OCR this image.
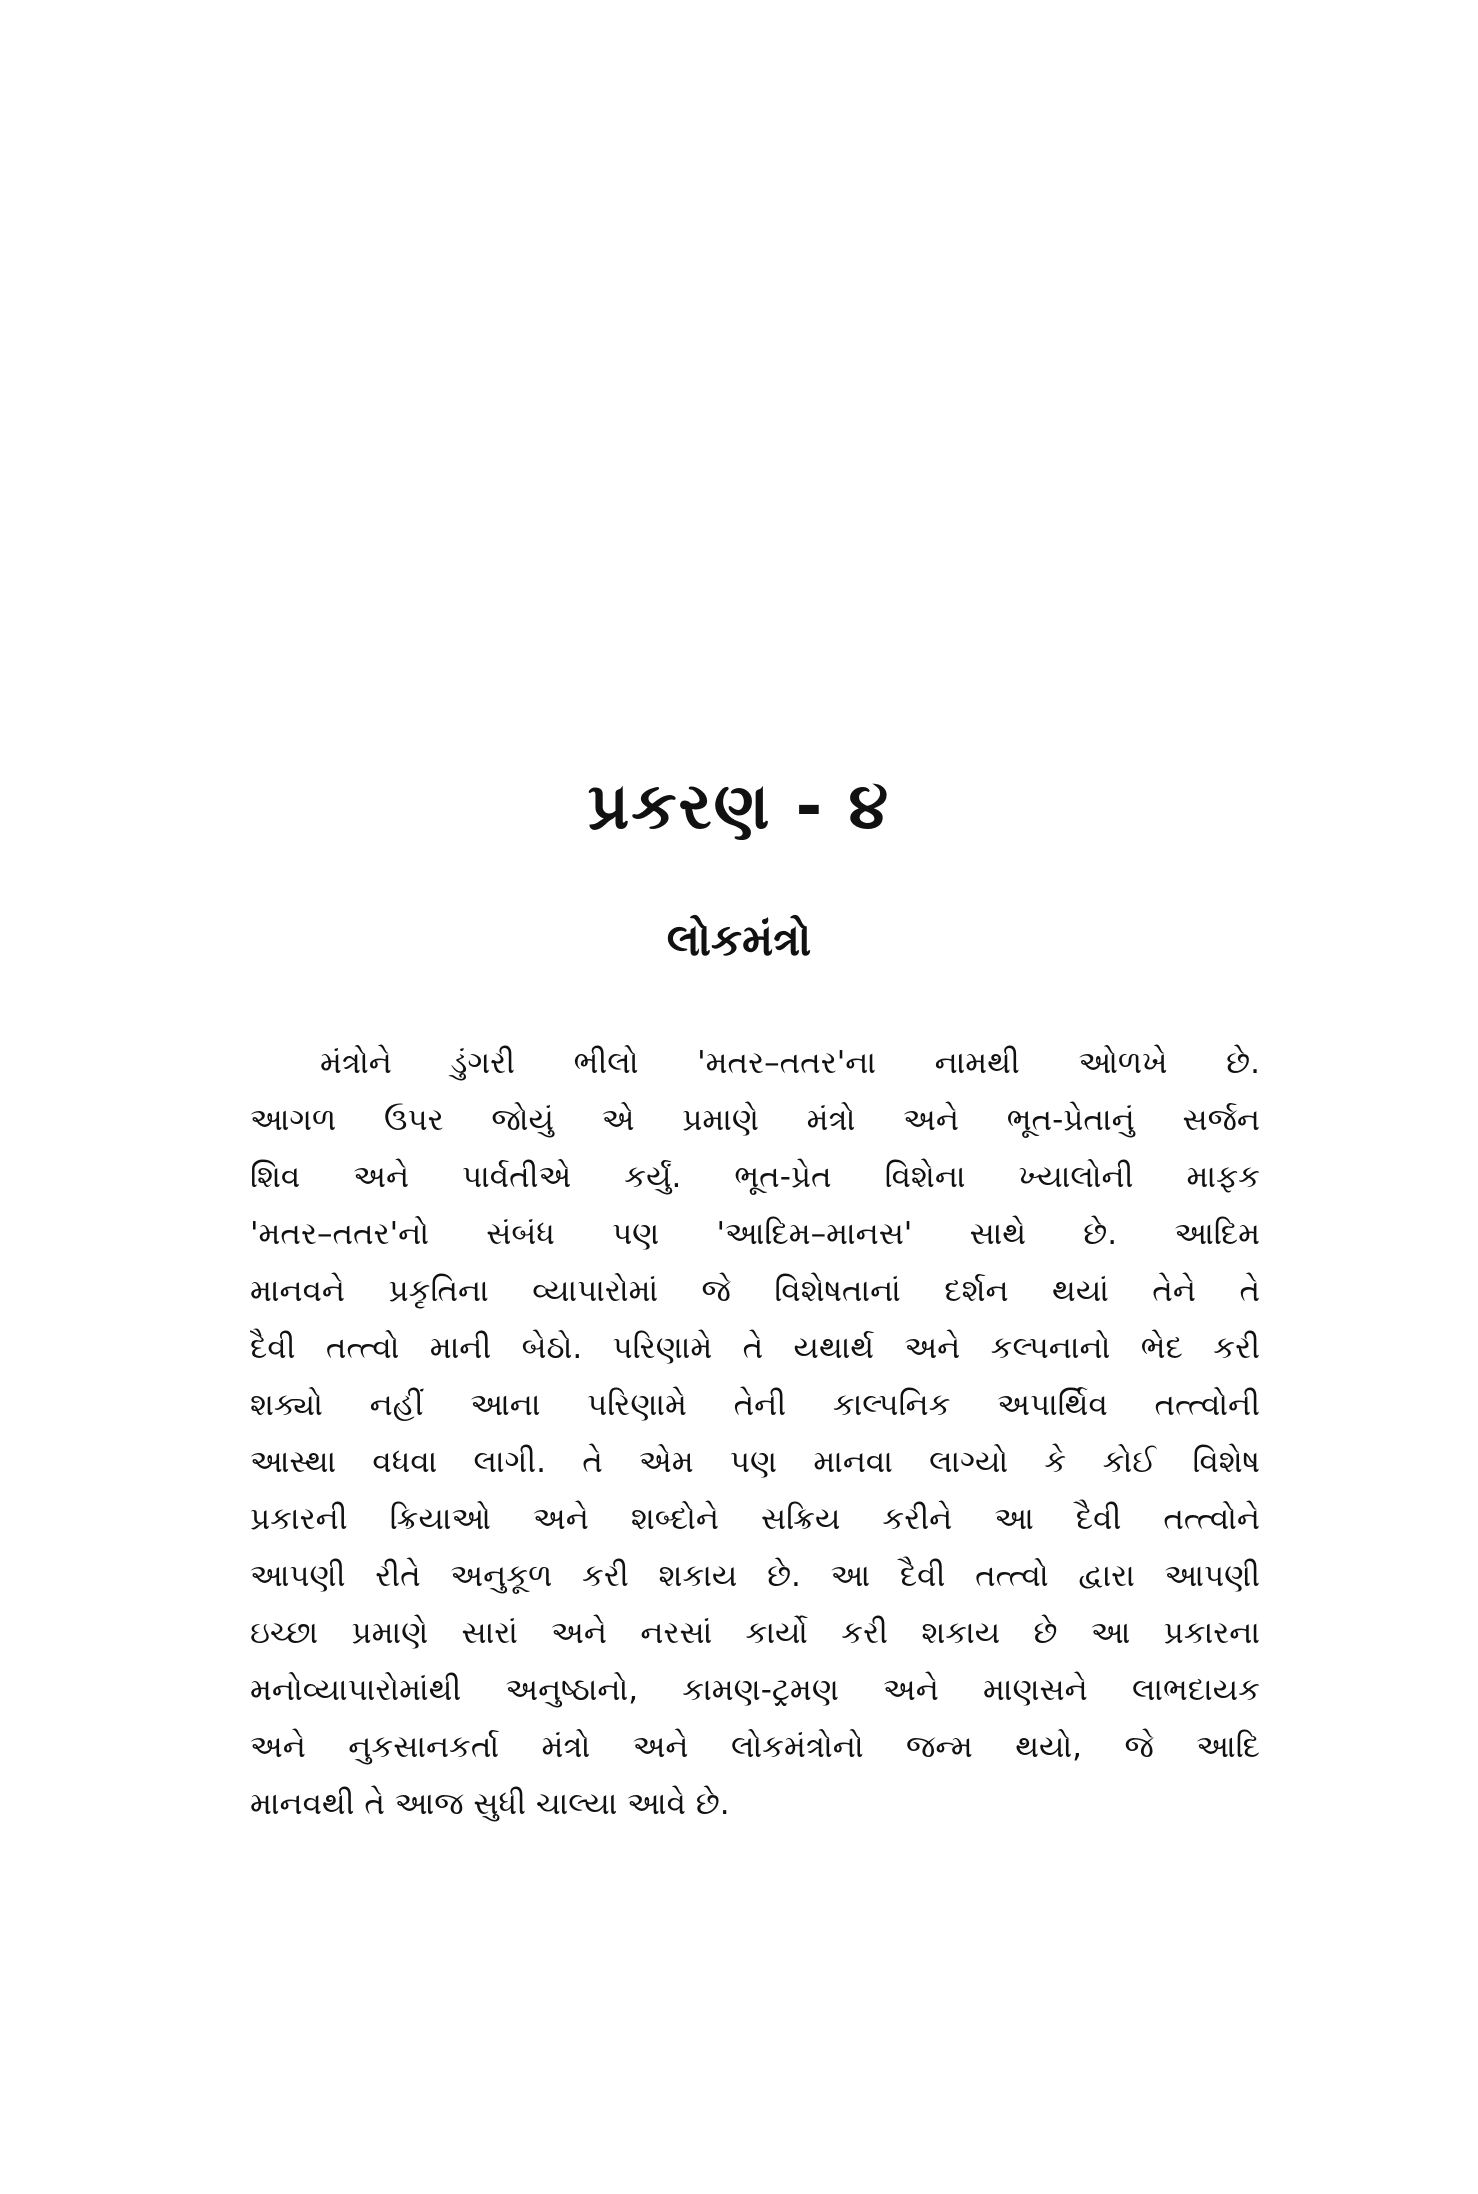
પ્રકરણ - ૪
લોકમંત્રો
મંત્રોને ડુંગરી ભીલો 'મતર–તતર'ના નામથી ઓળખે છે.
આગળ ઉપર જોયું એ પ્રમાણે મંત્રો અને ભૂત-પ્રેતાનું સર્જન
શિવ અને પાર્વતીએ કર્યું. ભૂત-પ્રેત વિશેના ખ્યાલોની માફક
'મતર–તતર'નો સંબંધ પણ 'આદિમ–માનસ' સાથે છે. આદિમ
માનવને પ્રકૃતિના વ્યાપારોમાં જે વિશેષતાનાં દર્શન થયાં તેને તે
દૈવી તત્ત્વો માની બેઠો. પરિણામે તે યથાર્થ અને કલ્પનાનો ભેદ કરી
શક્યો નહીં આના પરિણામે તેની કાલ્પનિક અપાર્થિવ તત્ત્વોની
આસ્થા વધવા લાગી. તે એમ પણ માનવા લાગ્યો કે કોઈ વિશેષ
પ્રકારની ક્રિયાઓ અને શબ્દોને સક્રિય કરીને આ દૈવી તત્ત્વોને
આપણી રીતે અનુકૂળ કરી શકાય છે. આ દૈવી તત્ત્વો દ્વારા આપણી
ઇચ્છા પ્રમાણે સારાં અને નરસાં કાર્યો કરી શકાય છે આ પ્રકારના
મનોવ્યાપારોમાંથી અનુષ્ઠાનો, કામણ-ટ્રમણ અને માણસને લાભદાયક
અને નુકસાનકર્તા મંત્રો અને લોકમંત્રોનો જન્મ થયો, જે આદિ
માનવથી તે આજ સુધી ચાલ્યા આવે છે.
